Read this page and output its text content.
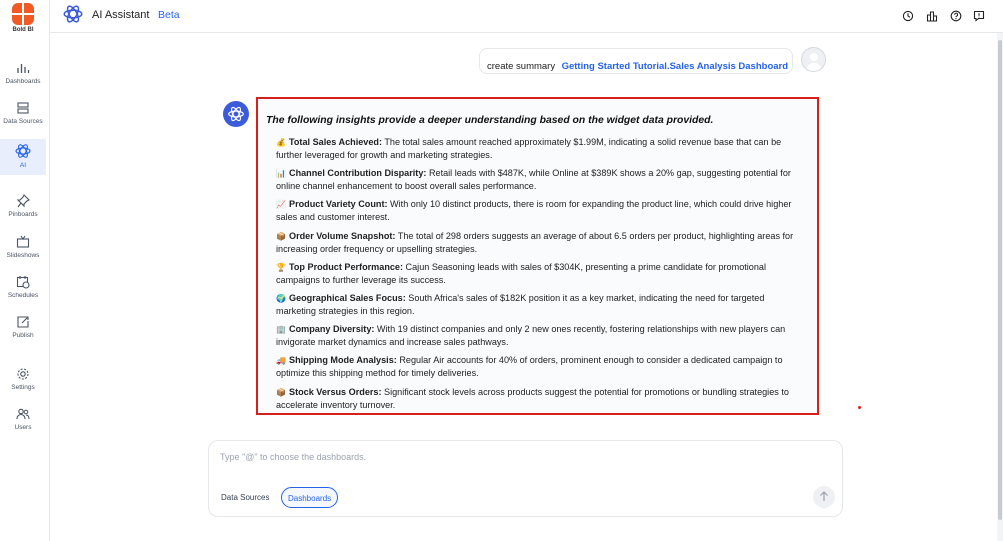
Bold BI
Dashboards
Data Sources
AI
Pinboards
Slideshows
Schedules
Publish
Settings
Users
AI Assistant Beta
create summary Getting Started Tutorial.Sales Analysis Dashboard
The following insights provide a deeper understanding based on the widget data provided.
💰 Total Sales Achieved: The total sales amount reached approximately $1.99M, indicating a solid revenue base that can be further leveraged for growth and marketing strategies.
📊 Channel Contribution Disparity: Retail leads with $487K, while Online at $389K shows a 20% gap, suggesting potential for online channel enhancement to boost overall sales performance.
📈 Product Variety Count: With only 10 distinct products, there is room for expanding the product line, which could drive higher sales and customer interest.
📦 Order Volume Snapshot: The total of 298 orders suggests an average of about 6.5 orders per product, highlighting areas for increasing order frequency or upselling strategies.
🏆 Top Product Performance: Cajun Seasoning leads with sales of $304K, presenting a prime candidate for promotional campaigns to further leverage its success.
🌍 Geographical Sales Focus: South Africa's sales of $182K position it as a key market, indicating the need for targeted marketing strategies in this region.
🏢 Company Diversity: With 19 distinct companies and only 2 new ones recently, fostering relationships with new players can invigorate market dynamics and increase sales pathways.
🚚 Shipping Mode Analysis: Regular Air accounts for 40% of orders, prominent enough to consider a dedicated campaign to optimize this shipping method for timely deliveries.
📦 Stock Versus Orders: Significant stock levels across products suggest the potential for promotions or bundling strategies to accelerate inventory turnover.
Type "@" to choose the dashboards.
Data Sources	Dashboards
